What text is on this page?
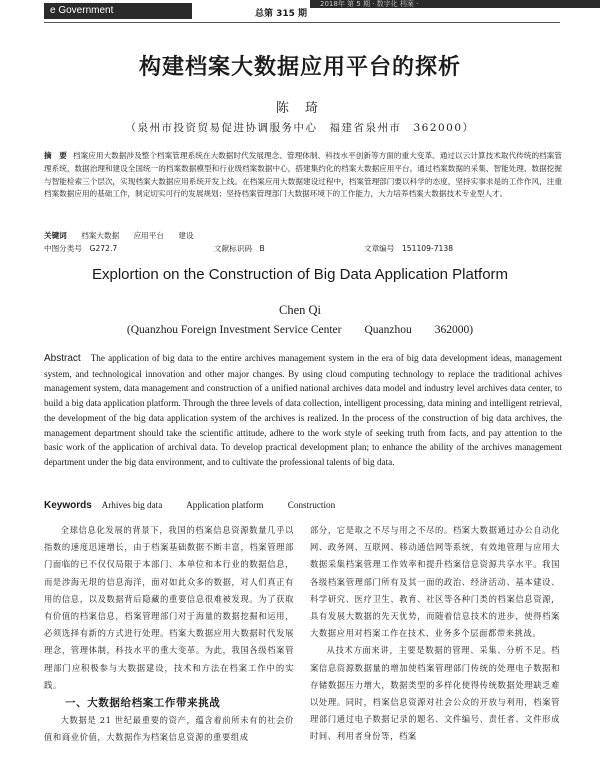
e Government	总第 315 期
2018年 第 5 期 · 数字化 档案 ·
构建档案大数据应用平台的探析
陈 琦
（泉州市投资贸易促进协调服务中心　福建省泉州市　362000）
摘　要 档案应用大数据涉及整个档案管理系统在大数据时代发展理念、管理体制、科技水平创新等方面的重大变革。通过以云计算技术取代传统的档案管理系统，数据治理和建设全国统一的档案数据模型和行业级档案数据中心，搭建集约化的档案大数据应用平台。通过档案数据的采集、智能处理、数据挖掘与智能检索三个层次，实现档案大数据应用系统开发上线。在档案应用大数据建设过程中，档案管理部门要以科学的态度，坚持实事求是的工作作风，注重档案数据应用的基础工作，制定切实可行的发展规划；坚持档案管理部门大数据环境下的工作能力，大力培养档案大数据技术专业型人才。
关键词 档案大数据 应用平台 建设
中图分类号　G272.7	文献标识码　B	文章编号　151109-7138
Explortion on the Construction of Big Data Application Platform
Chen Qi
(Quanzhou Foreign Investment Service Center　　Quanzhou　　362000)
Abstract The application of big data to the entire archives management system in the era of big data development ideas, management system, and technological innovation and other major changes. By using cloud computing technology to replace the traditional achives management system, data management and construction of a unified national archives data model and industry level archives data center, to build a big data application platform. Through the three levels of data collection, intelligent processing, data mining and intelligent retrieval, the development of the big data application system of the archives is realized. In the process of the construction of big data archives, the management department should take the scientific attitude, adhere to the work style of seeking truth from facts, and pay attention to the basic work of the application of archival data. To develop practical development plan; to enhance the ability of the archives management department under the big data environment, and to cultivate the professional talents of big data.
Keywords Arhives big data	Application platform	Construction

全球信息化发展的背景下，我国的档案信息资源数量几乎以指数的速度迅速增长，由于档案基础数据不断丰富，档案管理部门面临的已不仅仅局限于本部门、本单位和本行业的数据信息，而是涉海无垠的信息海洋，面对如此众多的数据，对人们真正有用的信息，以及数据背后隐藏的重要信息很难被发现。为了获取有价值的档案信息，档案管理部门对于海量的数据挖掘和运用，必须选择有新的方式进行处理。档案大数据应用大数据时代发展理念，管理体制，科技水平的重大变革。为此，我国各级档案管理部门应积极参与大数据建设，技术和方法在档案工作中的实践。

一、大数据给档案工作带来挑战

大数据是 21 世纪最重要的资产，蕴含着前所未有的社会价值和商业价值，大数据作为档案信息资源的重要组成

部分，它是取之不尽与用之不尽的。档案大数据通过办公自动化网、政务网、互联网、移动通信网等系统，有效地管理与应用大数据采集档案管理工作效率和提升档案信息资源共享水平。我国各级档案管理部门所有及其一面的政治、经济活动、基本建设、科学研究、医疗卫生、教育、社区等各种门类的档案信息资源，具有发展大数据的先天优势，而随着信息技术的进步，使得档案大数据应用对档案工作在技术、业务多个层面都带来挑战。

从技术方面来讲，主要是数据的管理、采集、分析不足。档案信息资源数据量的增加使档案管理部门传统的处理电子数据和存储数据压力增大，数据类型的多样化使得传统数据处理缺乏难以处理。同时，档案信息资源对社会公众的开放与利用，档案管理部门通过电子数据记录的题名、文件编号、责任者、文件形成时间、利用者身份等，档案
